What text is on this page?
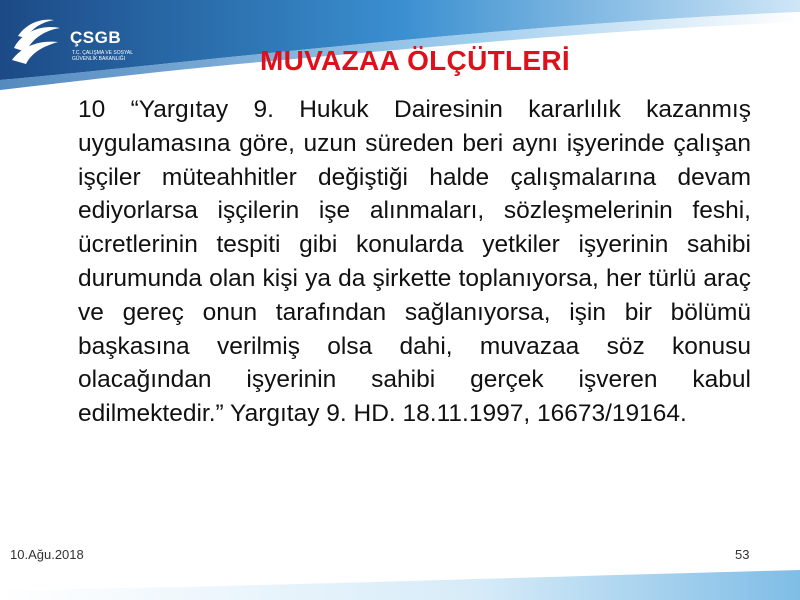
ÇSGB
T.C. ÇALIŞMA VE SOSYAL GÜVENLİK BAKANLIĞI	MUVAZAA ÖLÇÜTLERİ
10 “Yargıtay 9. Hukuk Dairesinin kararlılık kazanmış uygulamasına göre, uzun süreden beri aynı işyerinde çalışan işçiler müteahhitler değiştiği halde çalışmalarına devam ediyorlarsa işçilerin işe alınmaları, sözleşmelerinin feshi, ücretlerinin tespiti gibi konularda yetkiler işyerinin sahibi durumunda olan kişi ya da şirkette toplanıyorsa, her türlü araç ve gereç onun tarafından sağlanıyorsa, işin bir bölümü başkasına verilmiş olsa dahi, muvazaa söz konusu olacağından işyerinin sahibi gerçek işveren kabul edilmektedir.” Yargıtay 9. HD. 18.11.1997, 16673/19164.
10.Ağu.2018	53
